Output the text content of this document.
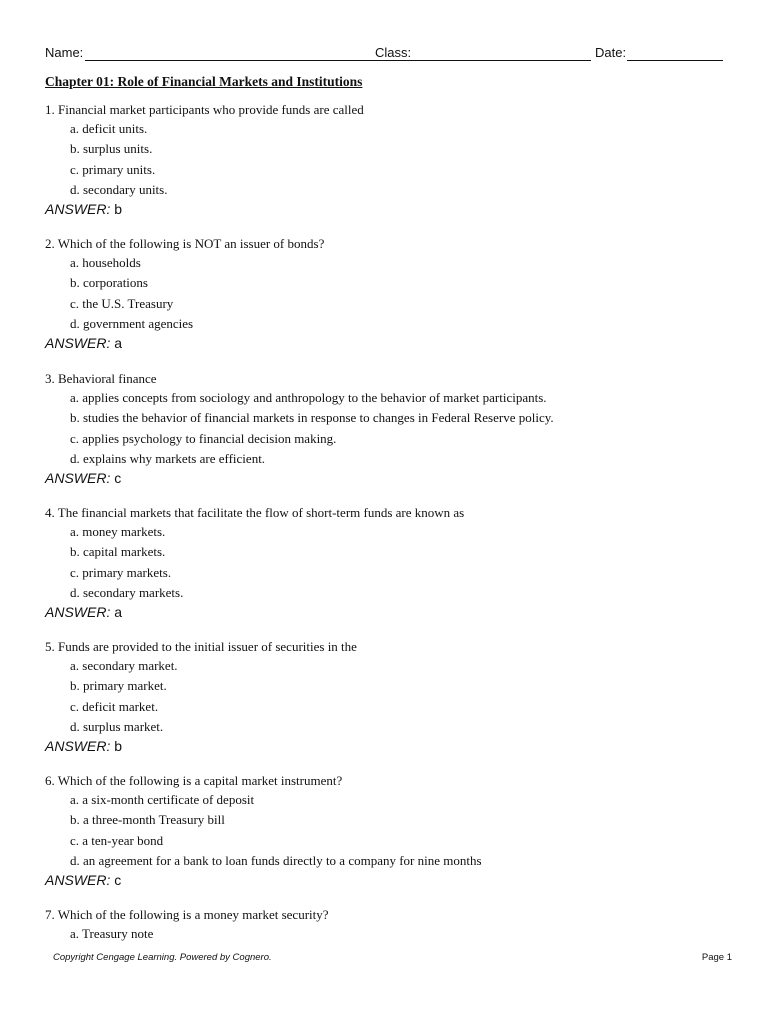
Name:	Class:	Date:
Chapter 01: Role of Financial Markets and Institutions
1. Financial market participants who provide funds are called
a. deficit units.
b. surplus units.
c. primary units.
d. secondary units.
ANSWER: b
2. Which of the following is NOT an issuer of bonds?
a. households
b. corporations
c. the U.S. Treasury
d. government agencies
ANSWER: a
3. Behavioral finance
a. applies concepts from sociology and anthropology to the behavior of market participants.
b. studies the behavior of financial markets in response to changes in Federal Reserve policy.
c. applies psychology to financial decision making.
d. explains why markets are efficient.
ANSWER: c
4. The financial markets that facilitate the flow of short-term funds are known as
a. money markets.
b. capital markets.
c. primary markets.
d. secondary markets.
ANSWER: a
5. Funds are provided to the initial issuer of securities in the
a. secondary market.
b. primary market.
c. deficit market.
d. surplus market.
ANSWER: b
6. Which of the following is a capital market instrument?
a. a six-month certificate of deposit
b. a three-month Treasury bill
c. a ten-year bond
d. an agreement for a bank to loan funds directly to a company for nine months
ANSWER: c
7. Which of the following is a money market security?
a. Treasury note
Copyright Cengage Learning. Powered by Cognero.	Page 1
